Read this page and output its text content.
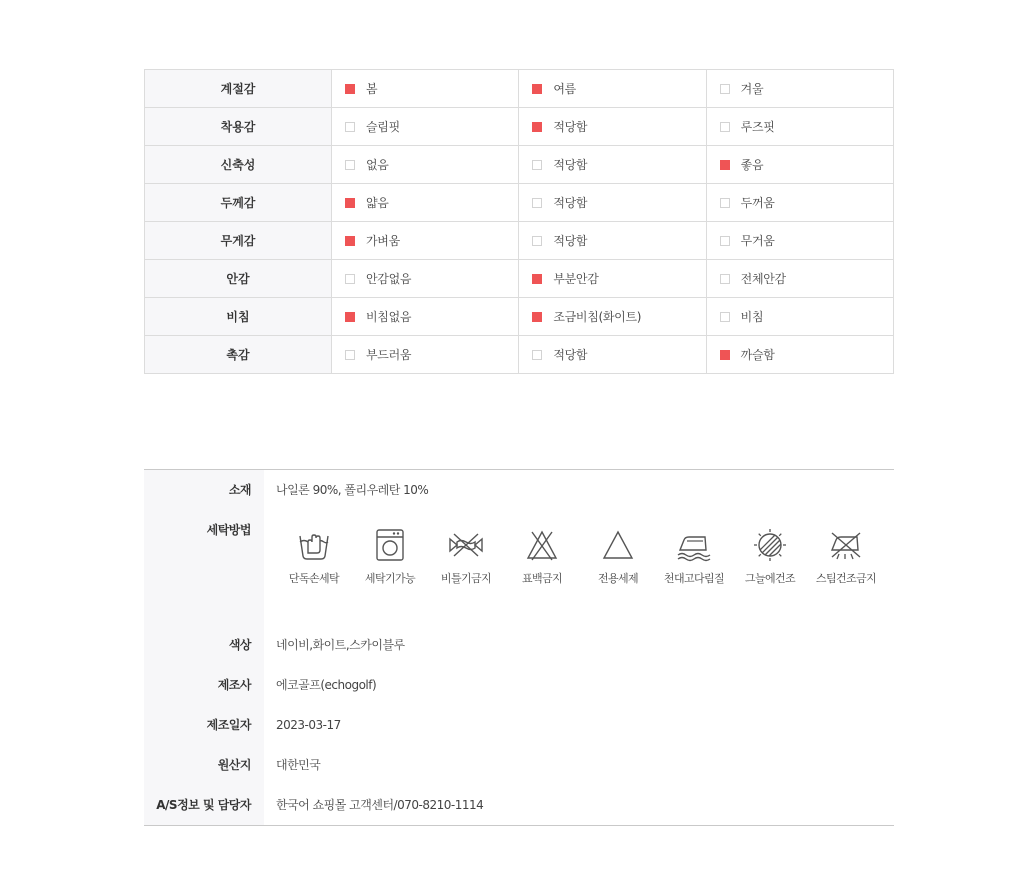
계절감	봄	여름	겨울

착용감	슬림핏	적당함	루즈핏

신축성	없음	적당함	좋음

두께감	얇음	적당함	두꺼움

무게감	가벼움	적당함	무거움

안감	안감없음	부분안감	전체안감

비침	비침없음	조금비침(화이트)	비침

촉감	부드러움	적당함	까슬함
소재	나일론 90%, 폴리우레탄 10%
세탁방법
단독손세탁 세탁기가능 비틀기금지	표백금지	전용세제 천대고다림질 그늘에건조 스팀건조금지
색상	네이비,화이트,스카이블루
제조사	에코골프(echogolf)
제조일자	2023-03-17
원산지	대한민국
A/S정보 및 담당자	한국어 쇼핑몰 고객센터/070-8210-1114
